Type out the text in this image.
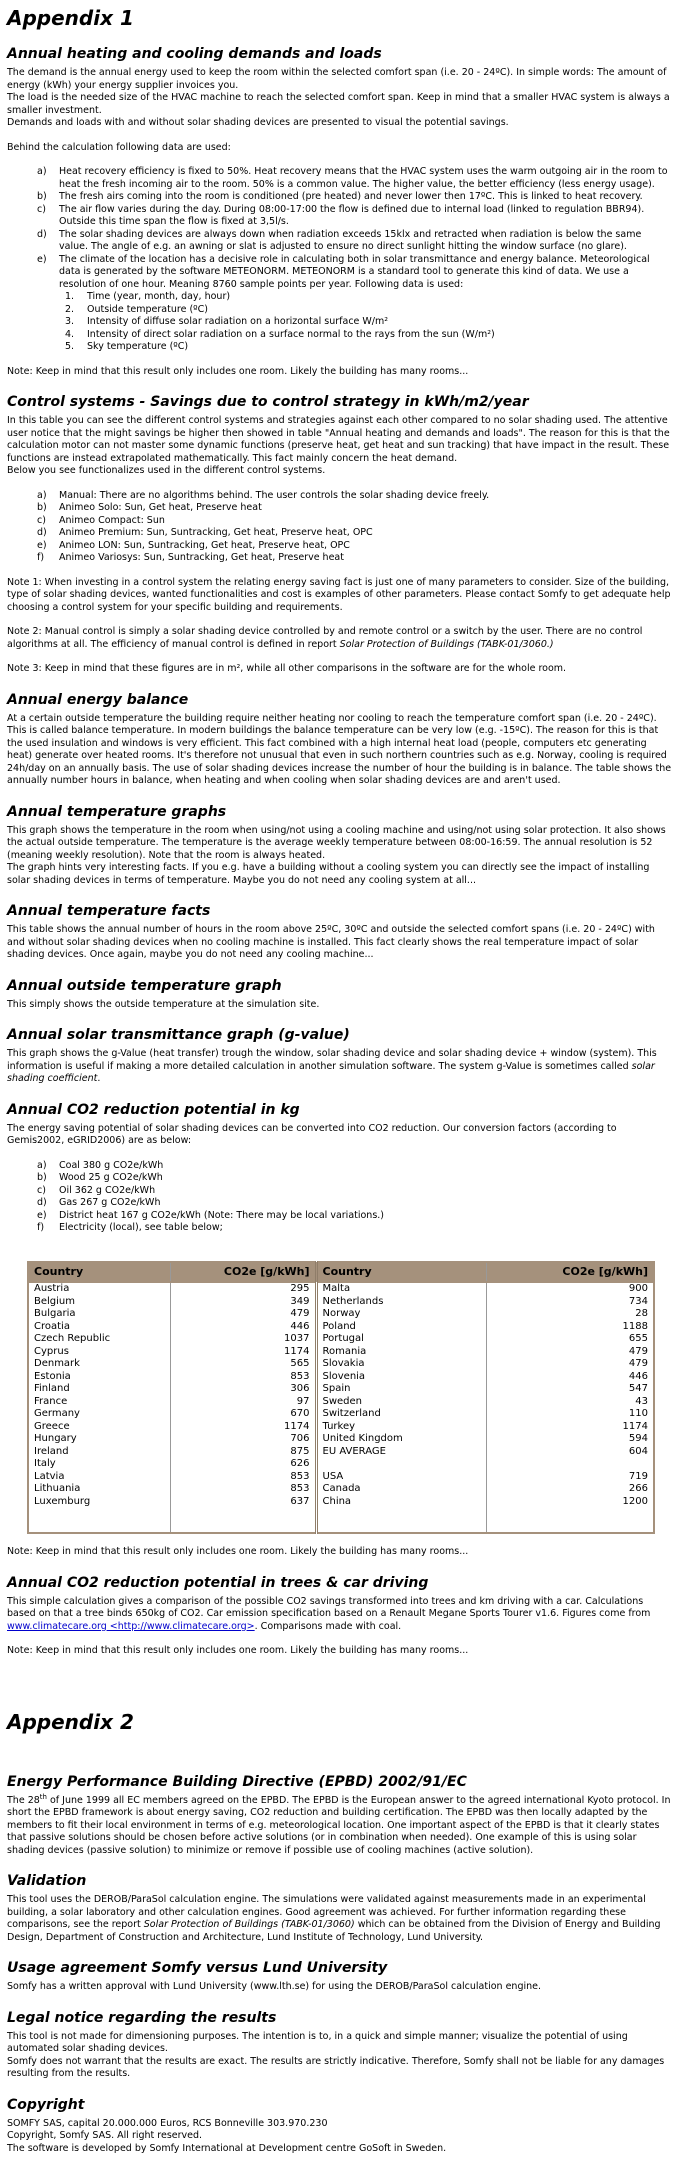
Appendix 1
Annual heating and cooling demands and loads

The demand is the annual energy used to keep the room within the selected comfort span (i.e. 20 - 24ºC). In simple words: The amount of energy (kWh) your energy supplier invoices you.

The load is the needed size of the HVAC machine to reach the selected comfort span. Keep in mind that a smaller HVAC system is always a smaller investment.

Demands and loads with and without solar shading devices are presented to visual the potential savings.

Behind the calculation following data are used:

a)	Heat recovery efficiency is fixed to 50%. Heat recovery means that the HVAC system uses the warm outgoing air in the room to heat the fresh incoming air to the room. 50% is a common value. The higher value, the better efficiency (less energy usage).
b)	The fresh airs coming into the room is conditioned (pre heated) and never lower then 17ºC. This is linked to heat recovery.
c)	The air flow varies during the day. During 08:00-17:00 the flow is defined due to internal load (linked to regulation BBR94). Outside this time span the flow is fixed at 3,5l/s.
d)	The solar shading devices are always down when radiation exceeds 15klx and retracted when radiation is below the same value. The angle of e.g. an awning or slat is adjusted to ensure no direct sunlight hitting the window surface (no glare).
e)	The climate of the location has a decisive role in calculating both in solar transmittance and energy balance. Meteorological data is generated by the software METEONORM. METEONORM is a standard tool to generate this kind of data. We use a resolution of one hour. Meaning 8760 sample points per year. Following data is used:
1.	Time (year, month, day, hour)
2.	Outside temperature (ºC)
3.	Intensity of diffuse solar radiation on a horizontal surface W/m²
4.	Intensity of direct solar radiation on a surface normal to the rays from the sun (W/m²)
5.	Sky temperature (ºC)

Note: Keep in mind that this result only includes one room. Likely the building has many rooms...

Control systems - Savings due to control strategy in kWh/m2/year

In this table you can see the different control systems and strategies against each other compared to no solar shading used. The attentive user notice that the might savings be higher then showed in table "Annual heating and demands and loads". The reason for this is that the calculation motor can not master some dynamic functions (preserve heat, get heat and sun tracking) that have impact in the result. These functions are instead extrapolated mathematically. This fact mainly concern the heat demand.

Below you see functionalizes used in the different control systems.

a)	Manual: There are no algorithms behind. The user controls the solar shading device freely.
b)	Animeo Solo: Sun, Get heat, Preserve heat
c)	Animeo Compact: Sun
d)	Animeo Premium: Sun, Suntracking, Get heat, Preserve heat, OPC
e)	Animeo LON: Sun, Suntracking, Get heat, Preserve heat, OPC
f)	Animeo Variosys: Sun, Suntracking, Get heat, Preserve heat

Note 1: When investing in a control system the relating energy saving fact is just one of many parameters to consider. Size of the building, type of solar shading devices, wanted functionalities and cost is examples of other parameters. Please contact Somfy to get adequate help choosing a control system for your specific building and requirements.

Note 2: Manual control is simply a solar shading device controlled by and remote control or a switch by the user. There are no control algorithms at all. The efficiency of manual control is defined in report Solar Protection of Buildings (TABK-01/3060.)

Note 3: Keep in mind that these figures are in m², while all other comparisons in the software are for the whole room.

Annual energy balance

At a certain outside temperature the building require neither heating nor cooling to reach the temperature comfort span (i.e. 20 - 24ºC). This is called balance temperature. In modern buildings the balance temperature can be very low (e.g. -15ºC). The reason for this is that the used insulation and windows is very efficient. This fact combined with a high internal heat load (people, computers etc generating heat) generate over heated rooms. It's therefore not unusual that even in such northern countries such as e.g. Norway, cooling is required 24h/day on an annually basis. The use of solar shading devices increase the number of hour the building is in balance. The table shows the annually number hours in balance, when heating and when cooling when solar shading devices are and aren't used.

Annual temperature graphs

This graph shows the temperature in the room when using/not using a cooling machine and using/not using solar protection. It also shows the actual outside temperature. The temperature is the average weekly temperature between 08:00-16:59. The annual resolution is 52 (meaning weekly resolution). Note that the room is always heated.

The graph hints very interesting facts. If you e.g. have a building without a cooling system you can directly see the impact of installing solar shading devices in terms of temperature. Maybe you do not need any cooling system at all...

Annual temperature facts

This table shows the annual number of hours in the room above 25ºC, 30ºC and outside the selected comfort spans (i.e. 20 - 24ºC) with and without solar shading devices when no cooling machine is installed. This fact clearly shows the real temperature impact of solar shading devices. Once again, maybe you do not need any cooling machine...

Annual outside temperature graph

This simply shows the outside temperature at the simulation site.

Annual solar transmittance graph (g-value)

This graph shows the g-Value (heat transfer) trough the window, solar shading device and solar shading device + window (system). This information is useful if making a more detailed calculation in another simulation software. The system g-Value is sometimes called solar shading coefficient.

Annual CO2 reduction potential in kg

The energy saving potential of solar shading devices can be converted into CO2 reduction. Our conversion factors (according to Gemis2002, eGRID2006) are as below:

a)	Coal 380 g CO2e/kWh
b)	Wood 25 g CO2e/kWh
c)	Oil 362 g CO2e/kWh
d)	Gas 267 g CO2e/kWh
e)	District heat 167 g CO2e/kWh (Note: There may be local variations.)
f)	Electricity (local), see table below;
Country	CO2e [g/kWh]	Country	CO2e [g/kWh]
Austria	295	Malta	900
Belgium	349	Netherlands	734
Bulgaria	479	Norway	28
Croatia	446	Poland	1188
Czech Republic	1037	Portugal	655
Cyprus	1174	Romania	479
Denmark	565	Slovakia	479
Estonia	853	Slovenia	446
Finland	306	Spain	547
France	97	Sweden	43
Germany	670	Switzerland	110
Greece	1174	Turkey	1174
Hungary	706	United Kingdom	594
Ireland	875	EU AVERAGE	604
Italy	626		
Latvia	853	USA	719
Lithuania	853	Canada	266
Luxemburg	637	China	1200

Note: Keep in mind that this result only includes one room. Likely the building has many rooms...

Annual CO2 reduction potential in trees & car driving

This simple calculation gives a comparison of the possible CO2 savings transformed into trees and km driving with a car. Calculations based on that a tree binds 650kg of CO2. Car emission specification based on a Renault Megane Sports Tourer v1.6. Figures come from www.climatecare.org <http://www.climatecare.org>. Comparisons made with coal.

Note: Keep in mind that this result only includes one room. Likely the building has many rooms...

Appendix 2
Energy Performance Building Directive (EPBD) 2002/91/EC

The 28th of June 1999 all EC members agreed on the EPBD. The EPBD is the European answer to the agreed international Kyoto protocol. In short the EPBD framework is about energy saving, CO2 reduction and building certification. The EPBD was then locally adapted by the members to fit their local environment in terms of e.g. meteorological location. One important aspect of the EPBD is that it clearly states that passive solutions should be chosen before active solutions (or in combination when needed). One example of this is using solar shading devices (passive solution) to minimize or remove if possible use of cooling machines (active solution).

Validation

This tool uses the DEROB/ParaSol calculation engine. The simulations were validated against measurements made in an experimental building, a solar laboratory and other calculation engines. Good agreement was achieved. For further information regarding these comparisons, see the report Solar Protection of Buildings (TABK-01/3060) which can be obtained from the Division of Energy and Building Design, Department of Construction and Architecture, Lund Institute of Technology, Lund University.

Usage agreement Somfy versus Lund University

Somfy has a written approval with Lund University (www.lth.se) for using the DEROB/ParaSol calculation engine.

Legal notice regarding the results

This tool is not made for dimensioning purposes. The intention is to, in a quick and simple manner; visualize the potential of using automated solar shading devices.

Somfy does not warrant that the results are exact. The results are strictly indicative. Therefore, Somfy shall not be liable for any damages resulting from the results.

Copyright

SOMFY SAS, capital 20.000.000 Euros, RCS Bonneville 303.970.230

Copyright, Somfy SAS. All right reserved.

The software is developed by Somfy International at Development centre GoSoft in Sweden.
